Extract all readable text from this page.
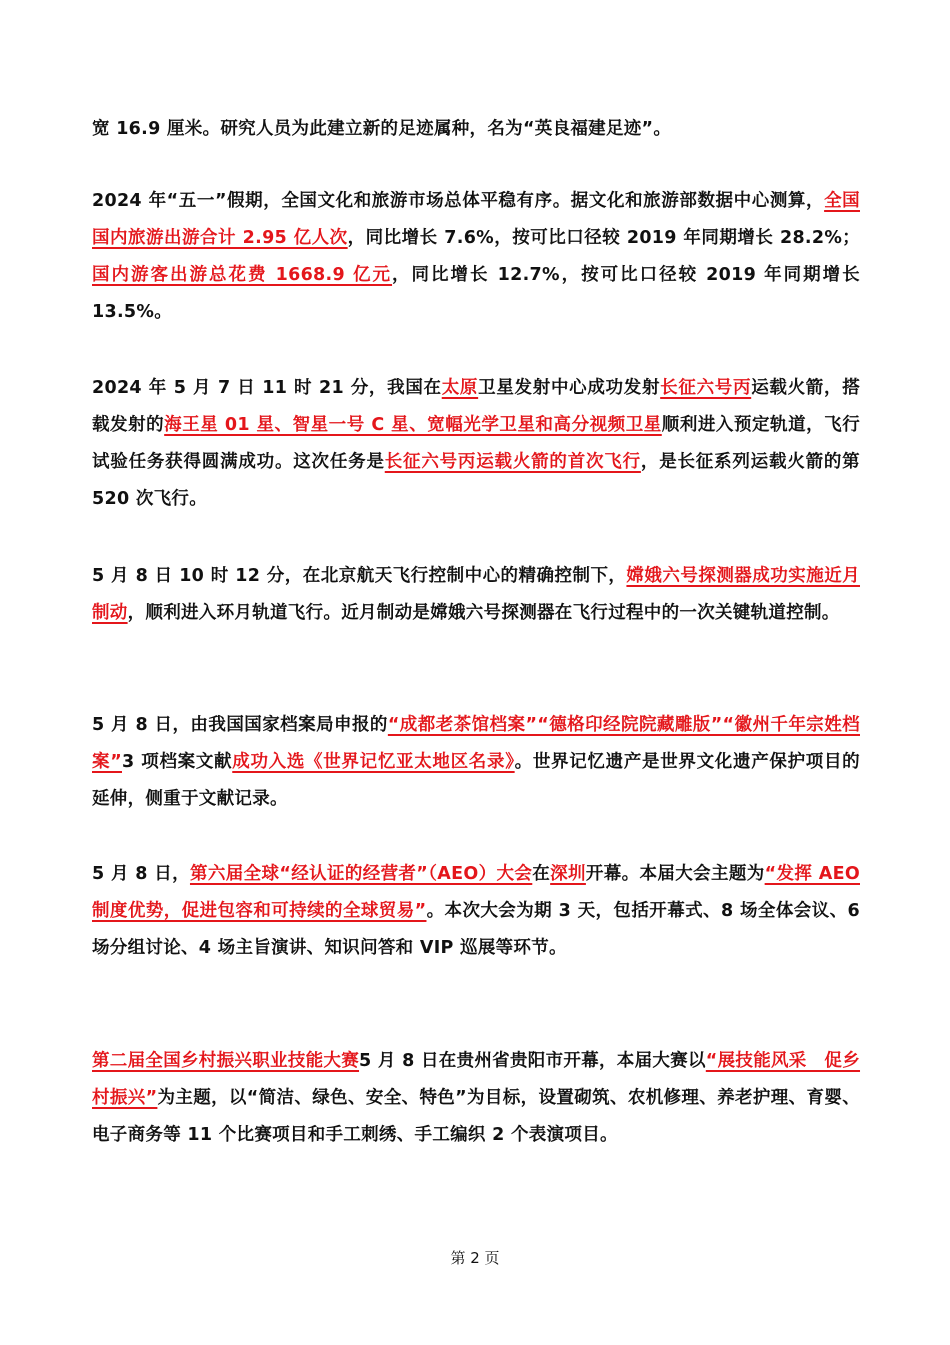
宽 16.9 厘米。研究人员为此建立新的足迹属种，名为“英良福建足迹”。

2024 年“五一”假期，全国文化和旅游市场总体平稳有序。据文化和旅游部数据中心测算，全国国内旅游出游合计 2.95 亿人次，同比增长 7.6%，按可比口径较 2019 年同期增长 28.2%；国内游客出游总花费 1668.9 亿元，同比增长 12.7%，按可比口径较 2019 年同期增长 13.5%。

2024 年 5 月 7 日 11 时 21 分，我国在太原卫星发射中心成功发射长征六号丙运载火箭，搭载发射的海王星 01 星、智星一号 C 星、宽幅光学卫星和高分视频卫星顺利进入预定轨道，飞行试验任务获得圆满成功。这次任务是长征六号丙运载火箭的首次飞行，是长征系列运载火箭的第 520 次飞行。

5 月 8 日 10 时 12 分，在北京航天飞行控制中心的精确控制下，嫦娥六号探测器成功实施近月制动，顺利进入环月轨道飞行。近月制动是嫦娥六号探测器在飞行过程中的一次关键轨道控制。

5 月 8 日，由我国国家档案局申报的“成都老茶馆档案”“德格印经院院藏雕版”“徽州千年宗姓档案”3 项档案文献成功入选《世界记忆亚太地区名录》。世界记忆遗产是世界文化遗产保护项目的延伸，侧重于文献记录。

5 月 8 日，第六届全球“经认证的经营者”（AEO）大会在深圳开幕。本届大会主题为“发挥 AEO 制度优势，促进包容和可持续的全球贸易”。本次大会为期 3 天，包括开幕式、8 场全体会议、6 场分组讨论、4 场主旨演讲、知识问答和 VIP 巡展等环节。

第二届全国乡村振兴职业技能大赛5 月 8 日在贵州省贵阳市开幕，本届大赛以“展技能风采　促乡村振兴”为主题，以“简洁、绿色、安全、特色”为目标，设置砌筑、农机修理、养老护理、育婴、电子商务等 11 个比赛项目和手工刺绣、手工编织 2 个表演项目。

第 2 页
